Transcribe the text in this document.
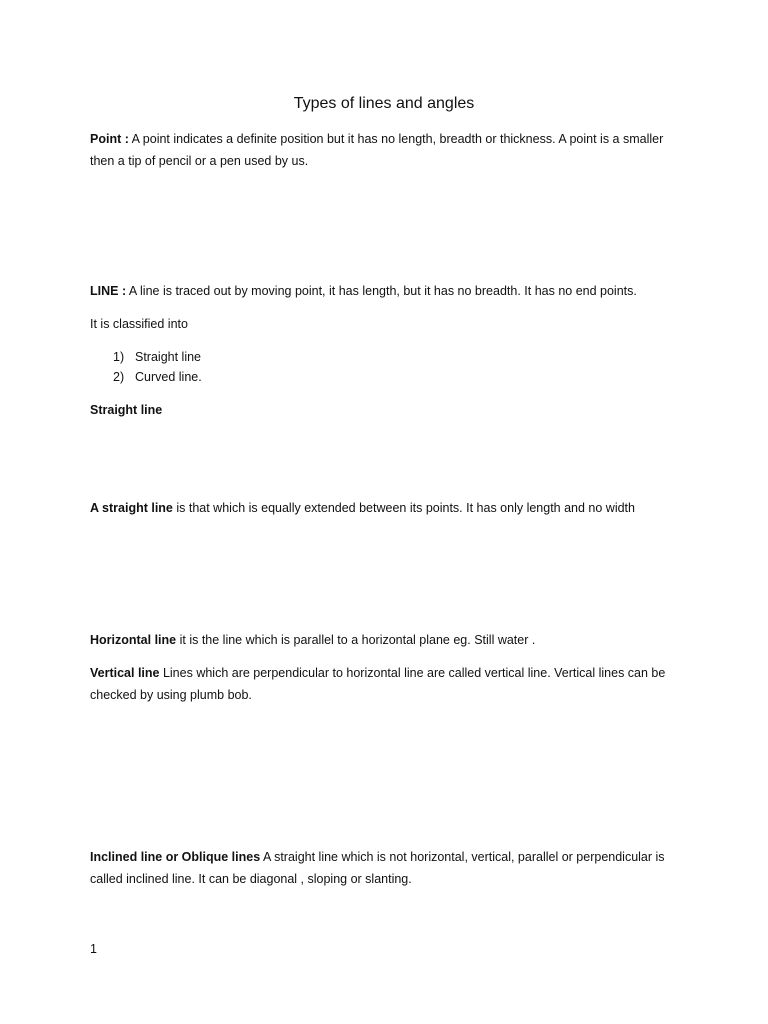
Types of lines and angles
Point : A point indicates a definite position but it has no length, breadth or thickness. A point is a smaller then a tip of pencil or a pen used by us.
LINE : A line is traced out by moving point, it has length, but it has no breadth. It has no end points.
It is classified into
1) Straight line
2) Curved line.
Straight line
A straight line is that which is equally extended between its points. It has only length and no width
Horizontal line it is the line which is parallel to a horizontal plane eg. Still water .
Vertical line Lines which are perpendicular to horizontal line are called vertical line. Vertical lines can be checked by using plumb bob.
Inclined line or Oblique lines A straight line which is not horizontal, vertical, parallel or perpendicular is called inclined line. It can be diagonal , sloping or slanting.
1
